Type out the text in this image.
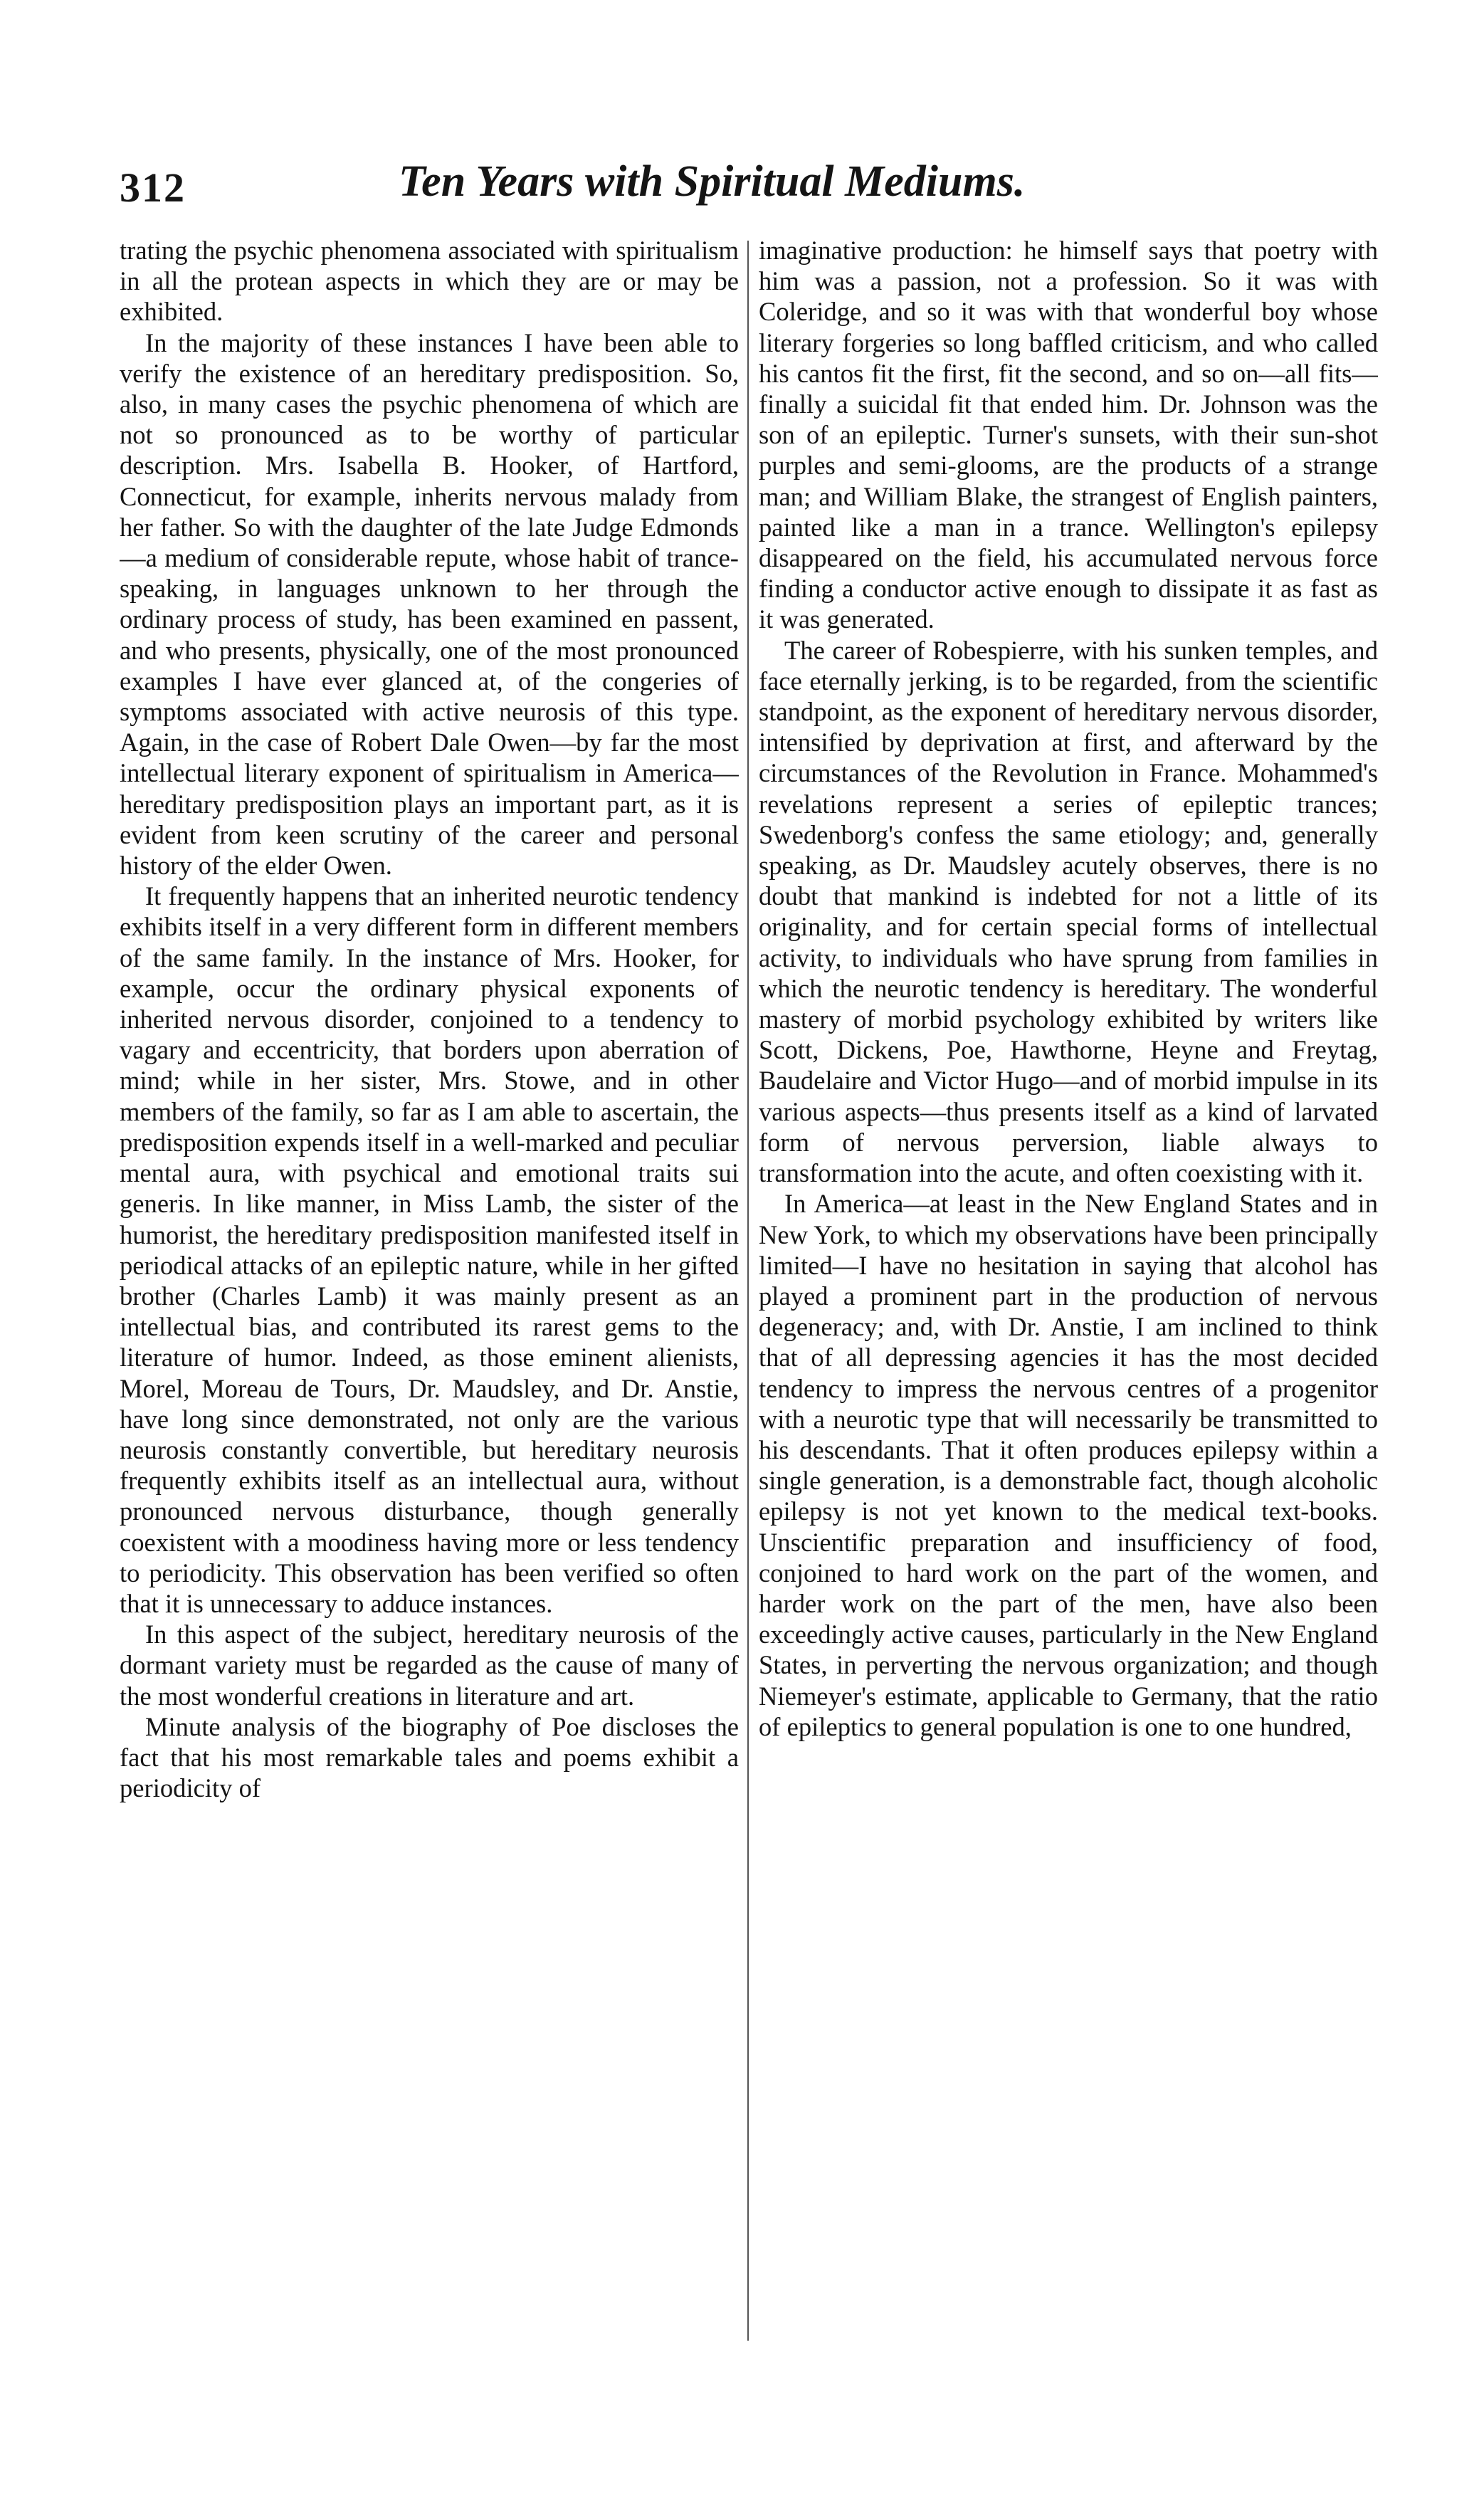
312	Ten Years with Spiritual Mediums.

trating the psychic phenomena associated with spiritualism in all the protean aspects in which they are or may be exhibited.

In the majority of these instances I have been able to verify the existence of an hereditary predisposition. So, also, in many cases the psychic phenomena of which are not so pronounced as to be worthy of particular description. Mrs. Isabella B. Hooker, of Hartford, Connecticut, for example, inherits nervous malady from her father. So with the daughter of the late Judge Edmonds—a medium of considerable repute, whose habit of trance-speaking, in languages unknown to her through the ordinary process of study, has been examined en passent, and who presents, physically, one of the most pronounced examples I have ever glanced at, of the congeries of symptoms associated with active neurosis of this type. Again, in the case of Robert Dale Owen—by far the most intellectual literary exponent of spiritualism in America—hereditary predisposition plays an important part, as it is evident from keen scrutiny of the career and personal history of the elder Owen.

It frequently happens that an inherited neurotic tendency exhibits itself in a very different form in different members of the same family. In the instance of Mrs. Hooker, for example, occur the ordinary physical exponents of inherited nervous disorder, conjoined to a tendency to vagary and eccentricity, that borders upon aberration of mind; while in her sister, Mrs. Stowe, and in other members of the family, so far as I am able to ascertain, the predisposition expends itself in a well-marked and peculiar mental aura, with psychical and emotional traits sui generis. In like manner, in Miss Lamb, the sister of the humorist, the hereditary predisposition manifested itself in periodical attacks of an epileptic nature, while in her gifted brother (Charles Lamb) it was mainly present as an intellectual bias, and contributed its rarest gems to the literature of humor. Indeed, as those eminent alienists, Morel, Moreau de Tours, Dr. Maudsley, and Dr. Anstie, have long since demonstrated, not only are the various neurosis constantly convertible, but hereditary neurosis frequently exhibits itself as an intellectual aura, without pronounced nervous disturbance, though generally coexistent with a moodiness having more or less tendency to periodicity. This observation has been verified so often that it is unnecessary to adduce instances.

In this aspect of the subject, hereditary neurosis of the dormant variety must be regarded as the cause of many of the most wonderful creations in literature and art.

Minute analysis of the biography of Poe discloses the fact that his most remarkable tales and poems exhibit a periodicity of

imaginative production: he himself says that poetry with him was a passion, not a profession. So it was with Coleridge, and so it was with that wonderful boy whose literary forgeries so long baffled criticism, and who called his cantos fit the first, fit the second, and so on—all fits—finally a suicidal fit that ended him. Dr. Johnson was the son of an epileptic. Turner's sunsets, with their sun-shot purples and semi-glooms, are the products of a strange man; and William Blake, the strangest of English painters, painted like a man in a trance. Wellington's epilepsy disappeared on the field, his accumulated nervous force finding a conductor active enough to dissipate it as fast as it was generated.

The career of Robespierre, with his sunken temples, and face eternally jerking, is to be regarded, from the scientific standpoint, as the exponent of hereditary nervous disorder, intensified by deprivation at first, and afterward by the circumstances of the Revolution in France. Mohammed's revelations represent a series of epileptic trances; Swedenborg's confess the same etiology; and, generally speaking, as Dr. Maudsley acutely observes, there is no doubt that mankind is indebted for not a little of its originality, and for certain special forms of intellectual activity, to individuals who have sprung from families in which the neurotic tendency is hereditary. The wonderful mastery of morbid psychology exhibited by writers like Scott, Dickens, Poe, Hawthorne, Heyne and Freytag, Baudelaire and Victor Hugo—and of morbid impulse in its various aspects—thus presents itself as a kind of larvated form of nervous perversion, liable always to transformation into the acute, and often coexisting with it.

In America—at least in the New England States and in New York, to which my observations have been principally limited—I have no hesitation in saying that alcohol has played a prominent part in the production of nervous degeneracy; and, with Dr. Anstie, I am inclined to think that of all depressing agencies it has the most decided tendency to impress the nervous centres of a progenitor with a neurotic type that will necessarily be transmitted to his descendants. That it often produces epilepsy within a single generation, is a demonstrable fact, though alcoholic epilepsy is not yet known to the medical text-books. Unscientific preparation and insufficiency of food, conjoined to hard work on the part of the women, and harder work on the part of the men, have also been exceedingly active causes, particularly in the New England States, in perverting the nervous organization; and though Niemeyer's estimate, applicable to Germany, that the ratio of epileptics to general population is one to one hundred,
